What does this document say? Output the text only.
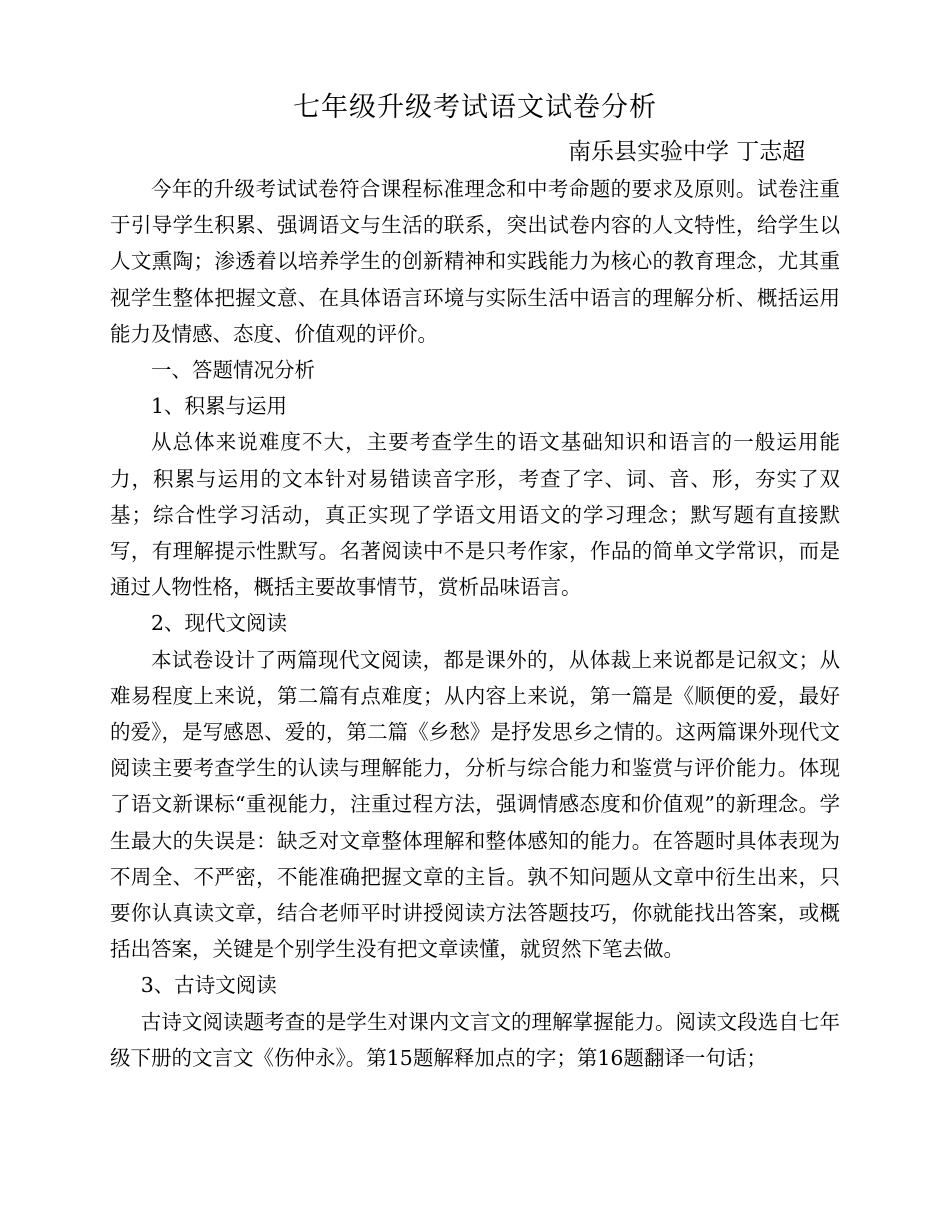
七年级升级考试语文试卷分析

南乐县实验中学 丁志超

今年的升级考试试卷符合课程标准理念和中考命题的要求及原则。试卷注重于引导学生积累、强调语文与生活的联系，突出试卷内容的人文特性，给学生以人文熏陶；渗透着以培养学生的创新精神和实践能力为核心的教育理念，尤其重视学生整体把握文意、在具体语言环境与实际生活中语言的理解分析、概括运用能力及情感、态度、价值观的评价。

一、答题情况分析

1、积累与运用

从总体来说难度不大，主要考查学生的语文基础知识和语言的一般运用能力，积累与运用的文本针对易错读音字形，考查了字、词、音、形，夯实了双基；综合性学习活动，真正实现了学语文用语文的学习理念；默写题有直接默写，有理解提示性默写。名著阅读中不是只考作家，作品的简单文学常识，而是通过人物性格，概括主要故事情节，赏析品味语言。

2、现代文阅读

本试卷设计了两篇现代文阅读，都是课外的，从体裁上来说都是记叙文；从难易程度上来说，第二篇有点难度；从内容上来说，第一篇是《顺便的爱，最好的爱》，是写感恩、爱的，第二篇《乡愁》是抒发思乡之情的。这两篇课外现代文阅读主要考查学生的认读与理解能力，分析与综合能力和鉴赏与评价能力。体现了语文新课标“重视能力，注重过程方法，强调情感态度和价值观”的新理念。学生最大的失误是：缺乏对文章整体理解和整体感知的能力。在答题时具体表现为不周全、不严密，不能准确把握文章的主旨。孰不知问题从文章中衍生出来，只要你认真读文章，结合老师平时讲授阅读方法答题技巧，你就能找出答案，或概括出答案，关键是个别学生没有把文章读懂，就贸然下笔去做。

3、古诗文阅读

古诗文阅读题考查的是学生对课内文言文的理解掌握能力。阅读文段选自七年级下册的文言文《伤仲永》。第15题解释加点的字；第16题翻译一句话；
